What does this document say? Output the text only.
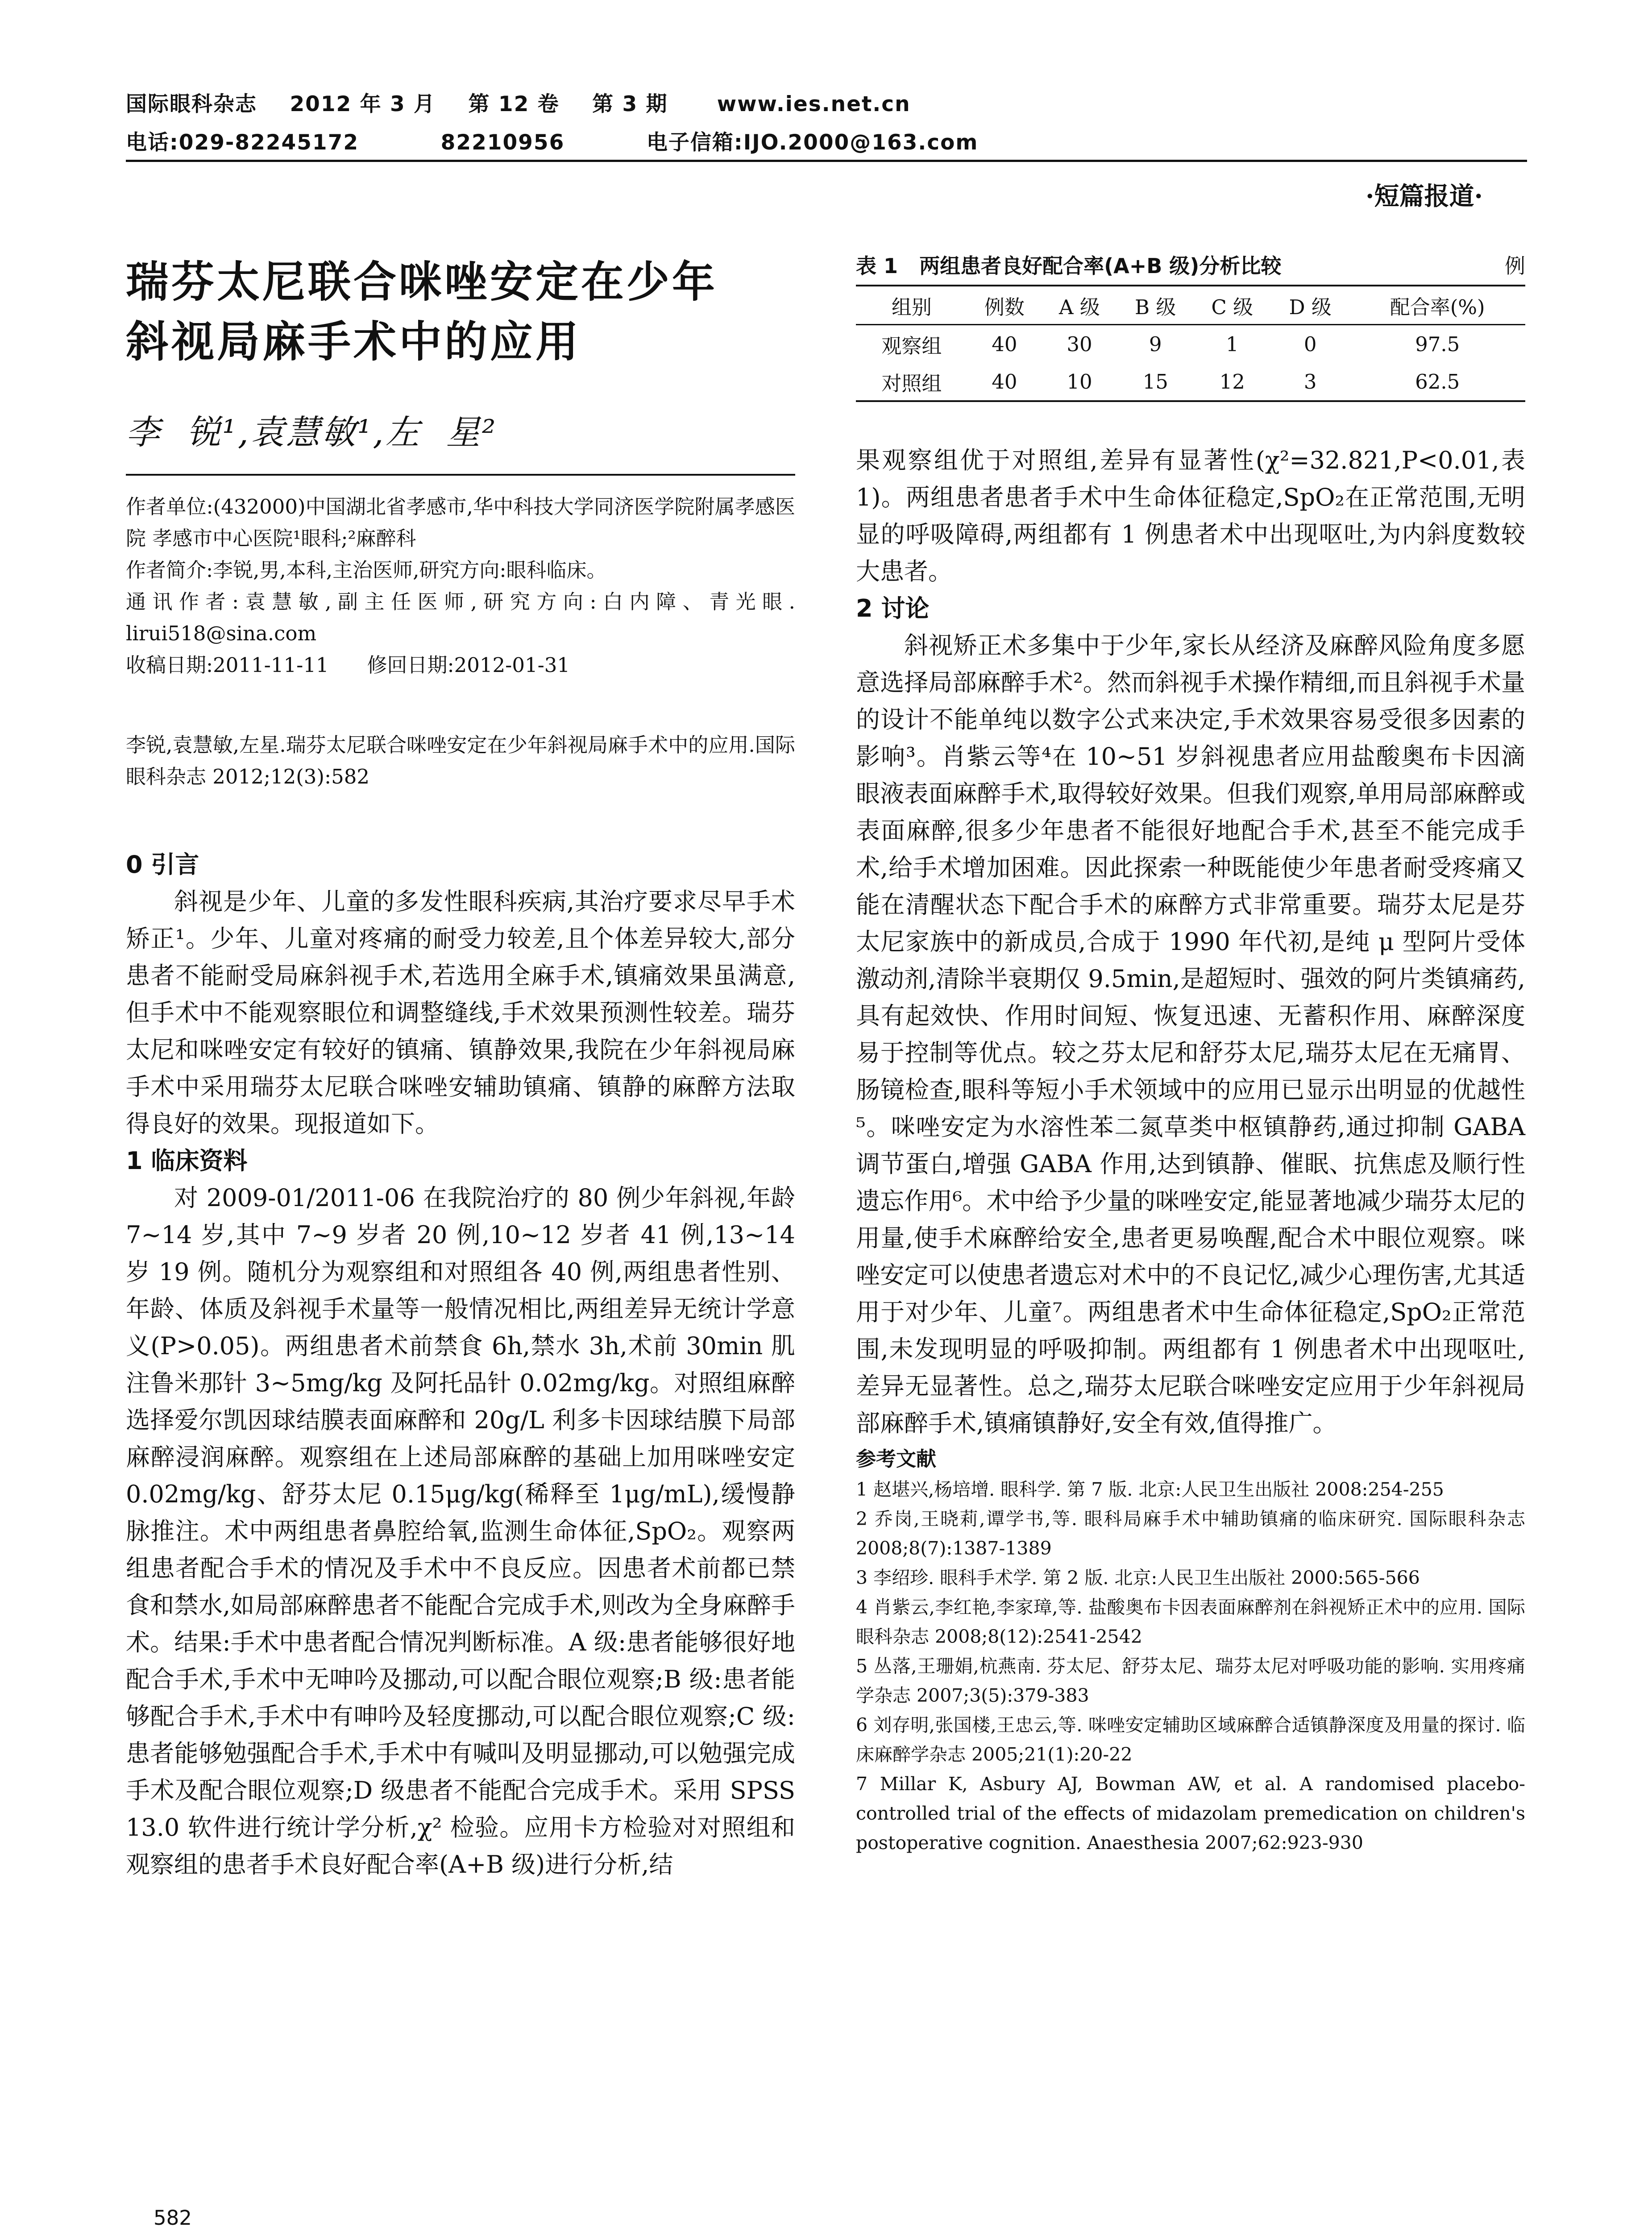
国际眼科杂志    2012 年 3 月    第 12 卷    第 3 期      www.ies.net.cn
电话:029-82245172          82210956          电子信箱:IJO.2000@163.com
·短篇报道·
瑞芬太尼联合咪唑安定在少年
斜视局麻手术中的应用
李  锐¹,袁慧敏¹,左  星²
作者单位:(432000)中国湖北省孝感市,华中科技大学同济医学院附属孝感医院 孝感市中心医院¹眼科;²麻醉科
作者简介:李锐,男,本科,主治医师,研究方向:眼科临床。
通讯作者:袁慧敏,副主任医师,研究方向:白内障、青光眼. lirui518@sina.com
收稿日期:2011-11-11      修回日期:2012-01-31
李锐,袁慧敏,左星.瑞芬太尼联合咪唑安定在少年斜视局麻手术中的应用.国际眼科杂志 2012;12(3):582
0 引言
斜视是少年、儿童的多发性眼科疾病,其治疗要求尽早手术矫正¹。少年、儿童对疼痛的耐受力较差,且个体差异较大,部分患者不能耐受局麻斜视手术,若选用全麻手术,镇痛效果虽满意,但手术中不能观察眼位和调整缝线,手术效果预测性较差。瑞芬太尼和咪唑安定有较好的镇痛、镇静效果,我院在少年斜视局麻手术中采用瑞芬太尼联合咪唑安辅助镇痛、镇静的麻醉方法取得良好的效果。现报道如下。
1 临床资料
对 2009-01/2011-06 在我院治疗的 80 例少年斜视,年龄 7~14 岁,其中 7~9 岁者 20 例,10~12 岁者 41 例,13~14 岁 19 例。随机分为观察组和对照组各 40 例,两组患者性别、年龄、体质及斜视手术量等一般情况相比,两组差异无统计学意义(P>0.05)。两组患者术前禁食 6h,禁水 3h,术前 30min 肌注鲁米那针 3~5mg/kg 及阿托品针 0.02mg/kg。对照组麻醉选择爱尔凯因球结膜表面麻醉和 20g/L 利多卡因球结膜下局部麻醉浸润麻醉。观察组在上述局部麻醉的基础上加用咪唑安定 0.02mg/kg、舒芬太尼 0.15μg/kg(稀释至 1μg/mL),缓慢静脉推注。术中两组患者鼻腔给氧,监测生命体征,SpO₂。观察两组患者配合手术的情况及手术中不良反应。因患者术前都已禁食和禁水,如局部麻醉患者不能配合完成手术,则改为全身麻醉手术。结果:手术中患者配合情况判断标准。A 级:患者能够很好地配合手术,手术中无呻吟及挪动,可以配合眼位观察;B 级:患者能够配合手术,手术中有呻吟及轻度挪动,可以配合眼位观察;C 级:患者能够勉强配合手术,手术中有喊叫及明显挪动,可以勉强完成手术及配合眼位观察;D 级患者不能配合完成手术。采用 SPSS 13.0 软件进行统计学分析,χ² 检验。应用卡方检验对对照组和观察组的患者手术良好配合率(A+B 级)进行分析,结
表 1   两组患者良好配合率(A+B 级)分析比较	例
组别	例数	A 级	B 级	C 级	D 级	配合率(%)
观察组	40	30	9	1	0	97.5
对照组	40	10	15	12	3	62.5
果观察组优于对照组,差异有显著性(χ²=32.821,P<0.01,表 1)。两组患者患者手术中生命体征稳定,SpO₂在正常范围,无明显的呼吸障碍,两组都有 1 例患者术中出现呕吐,为内斜度数较大患者。
2 讨论
斜视矫正术多集中于少年,家长从经济及麻醉风险角度多愿意选择局部麻醉手术²。然而斜视手术操作精细,而且斜视手术量的设计不能单纯以数字公式来决定,手术效果容易受很多因素的影响³。肖紫云等⁴在 10~51 岁斜视患者应用盐酸奥布卡因滴眼液表面麻醉手术,取得较好效果。但我们观察,单用局部麻醉或表面麻醉,很多少年患者不能很好地配合手术,甚至不能完成手术,给手术增加困难。因此探索一种既能使少年患者耐受疼痛又能在清醒状态下配合手术的麻醉方式非常重要。瑞芬太尼是芬太尼家族中的新成员,合成于 1990 年代初,是纯 μ 型阿片受体激动剂,清除半衰期仅 9.5min,是超短时、强效的阿片类镇痛药,具有起效快、作用时间短、恢复迅速、无蓄积作用、麻醉深度易于控制等优点。较之芬太尼和舒芬太尼,瑞芬太尼在无痛胃、肠镜检查,眼科等短小手术领域中的应用已显示出明显的优越性⁵。咪唑安定为水溶性苯二氮草类中枢镇静药,通过抑制 GABA 调节蛋白,增强 GABA 作用,达到镇静、催眠、抗焦虑及顺行性遗忘作用⁶。术中给予少量的咪唑安定,能显著地减少瑞芬太尼的用量,使手术麻醉给安全,患者更易唤醒,配合术中眼位观察。咪唑安定可以使患者遗忘对术中的不良记忆,减少心理伤害,尤其适用于对少年、儿童⁷。两组患者术中生命体征稳定,SpO₂正常范围,未发现明显的呼吸抑制。两组都有 1 例患者术中出现呕吐,差异无显著性。总之,瑞芬太尼联合咪唑安定应用于少年斜视局部麻醉手术,镇痛镇静好,安全有效,值得推广。
参考文献
1 赵堪兴,杨培增. 眼科学. 第 7 版. 北京:人民卫生出版社 2008:254-255
2 乔岗,王晓莉,谭学书,等. 眼科局麻手术中辅助镇痛的临床研究. 国际眼科杂志 2008;8(7):1387-1389
3 李绍珍. 眼科手术学. 第 2 版. 北京:人民卫生出版社 2000:565-566
4 肖紫云,李红艳,李家璋,等. 盐酸奥布卡因表面麻醉剂在斜视矫正术中的应用. 国际眼科杂志 2008;8(12):2541-2542
5 丛落,王珊娟,杭燕南. 芬太尼、舒芬太尼、瑞芬太尼对呼吸功能的影响. 实用疼痛学杂志 2007;3(5):379-383
6 刘存明,张国楼,王忠云,等. 咪唑安定辅助区域麻醉合适镇静深度及用量的探讨. 临床麻醉学杂志 2005;21(1):20-22
7 Millar K, Asbury AJ, Bowman AW, et al. A randomised placebo-controlled trial of the effects of midazolam premedication on children's postoperative cognition. Anaesthesia 2007;62:923-930
582
